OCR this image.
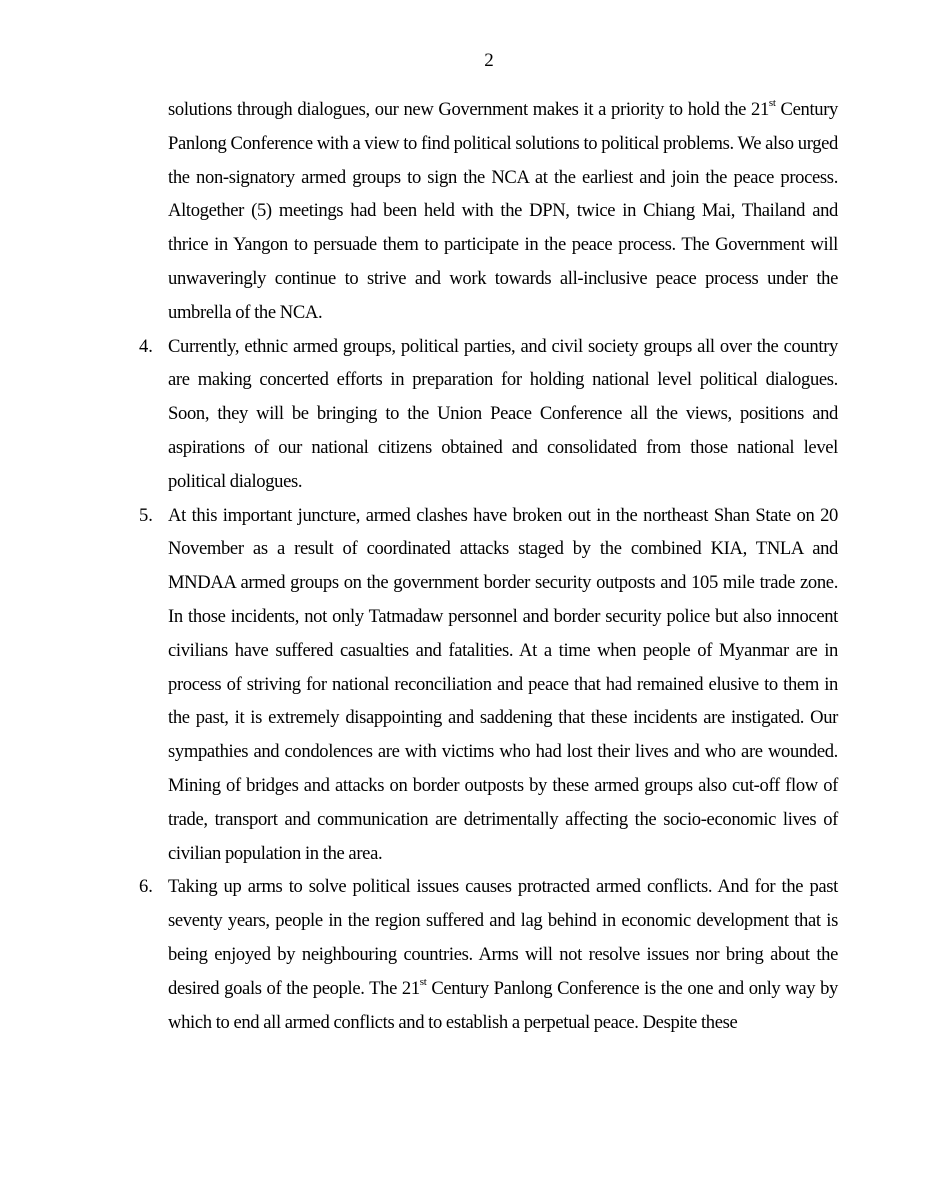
2

solutions through dialogues, our new Government makes it a priority to hold the 21st Century Panlong Conference with a view to find political solutions to political problems. We also urged the non-signatory armed groups to sign the NCA at the earliest and join the peace process. Altogether (5) meetings had been held with the DPN, twice in Chiang Mai, Thailand and thrice in Yangon to persuade them to participate in the peace process. The Government will unwaveringly continue to strive and work towards all-inclusive peace process under the umbrella of the NCA.

4. Currently, ethnic armed groups, political parties, and civil society groups all over the country are making concerted efforts in preparation for holding national level political dialogues. Soon, they will be bringing to the Union Peace Conference all the views, positions and aspirations of our national citizens obtained and consolidated from those national level political dialogues.

5. At this important juncture, armed clashes have broken out in the northeast Shan State on 20 November as a result of coordinated attacks staged by the combined KIA, TNLA and MNDAA armed groups on the government border security outposts and 105 mile trade zone. In those incidents, not only Tatmadaw personnel and border security police but also innocent civilians have suffered casualties and fatalities. At a time when people of Myanmar are in process of striving for national reconciliation and peace that had remained elusive to them in the past, it is extremely disappointing and saddening that these incidents are instigated. Our sympathies and condolences are with victims who had lost their lives and who are wounded. Mining of bridges and attacks on border outposts by these armed groups also cut-off flow of trade, transport and communication are detrimentally affecting the socio-economic lives of civilian population in the area.

6. Taking up arms to solve political issues causes protracted armed conflicts. And for the past seventy years, people in the region suffered and lag behind in economic development that is being enjoyed by neighbouring countries. Arms will not resolve issues nor bring about the desired goals of the people. The 21st Century Panlong Conference is the one and only way by which to end all armed conflicts and to establish a perpetual peace. Despite these
